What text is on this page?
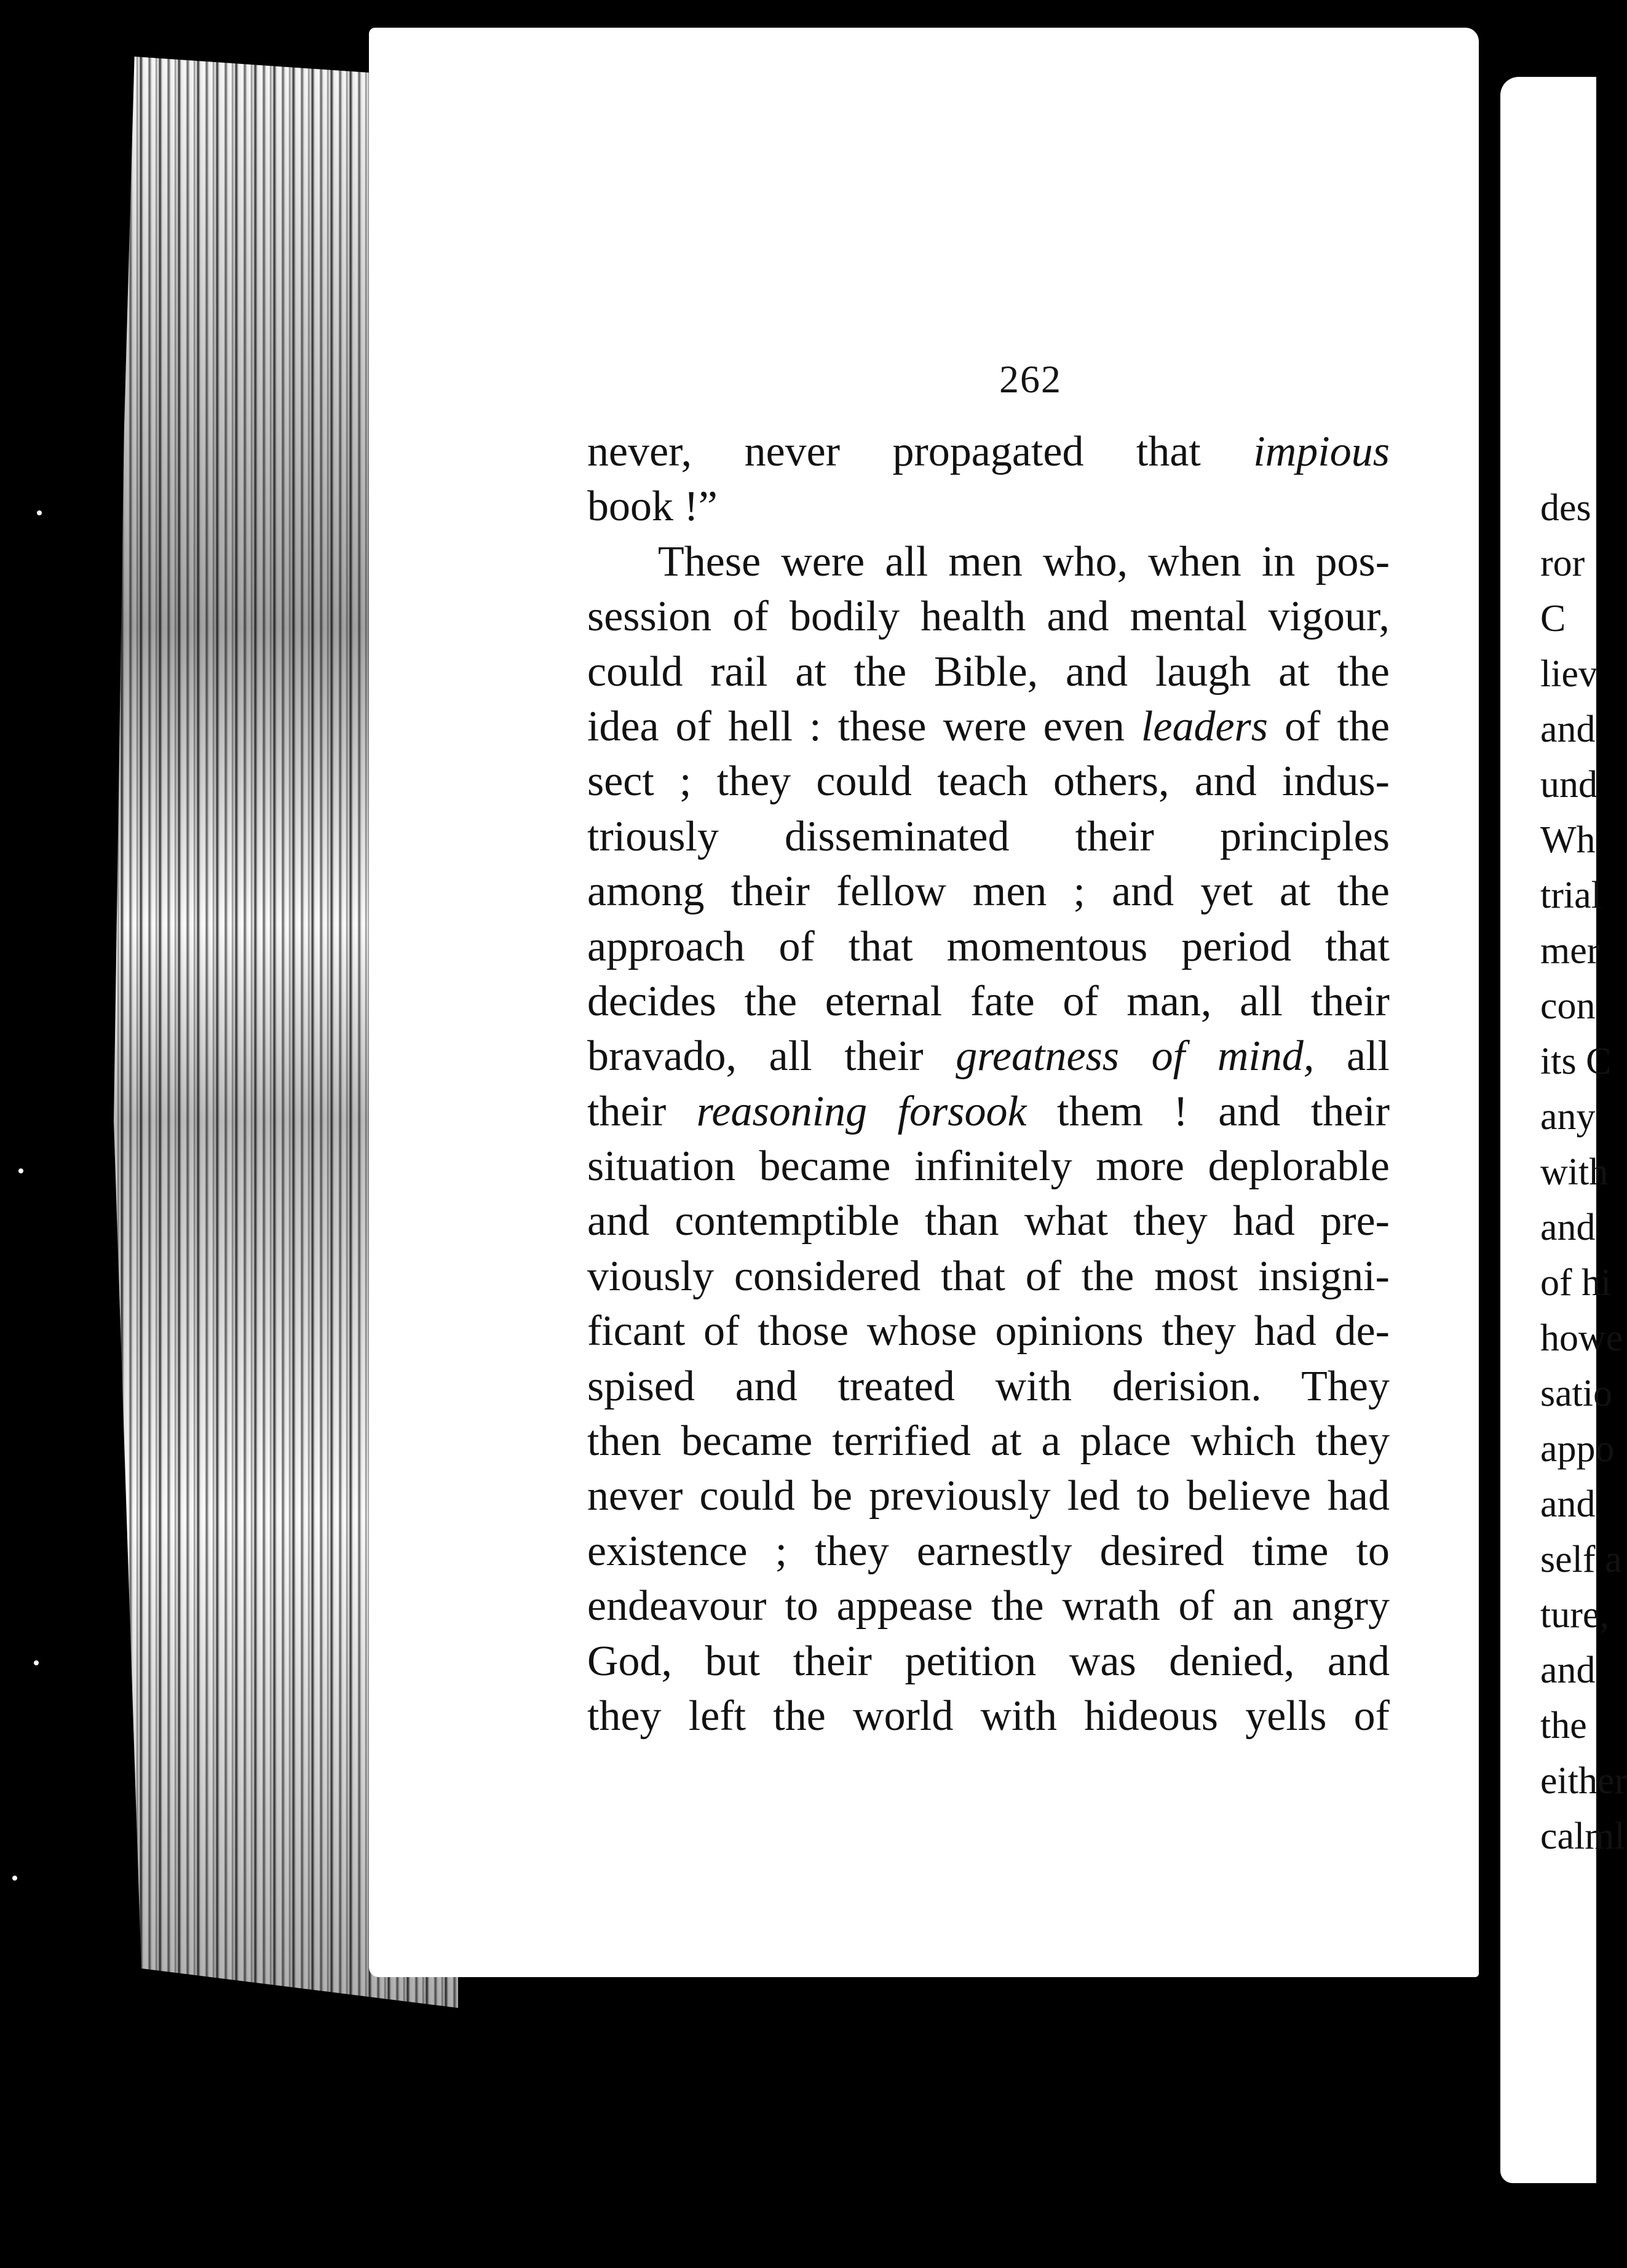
des
ror
C
liev
and
und
Wh
trial
mer
con
its C
any
with
and
of hi
howe
satio
appo
and
self a
ture,
and
the
either
calml
262
never, never propagated that impious
book !”
These were all men who, when in pos-
session of bodily health and mental vigour,
could rail at the Bible, and laugh at the
idea of hell : these were even leaders of the
sect ; they could teach others, and indus-
triously disseminated their principles
among their fellow men ; and yet at the
approach of that momentous period that
decides the eternal fate of man, all their
bravado, all their greatness of mind, all
their reasoning forsook them ! and their
situation became infinitely more deplorable
and contemptible than what they had pre-
viously considered that of the most insigni-
ficant of those whose opinions they had de-
spised and treated with derision. They
then became terrified at a place which they
never could be previously led to believe had
existence ; they earnestly desired time to
endeavour to appease the wrath of an angry
God, but their petition was denied, and
they left the world with hideous yells of
